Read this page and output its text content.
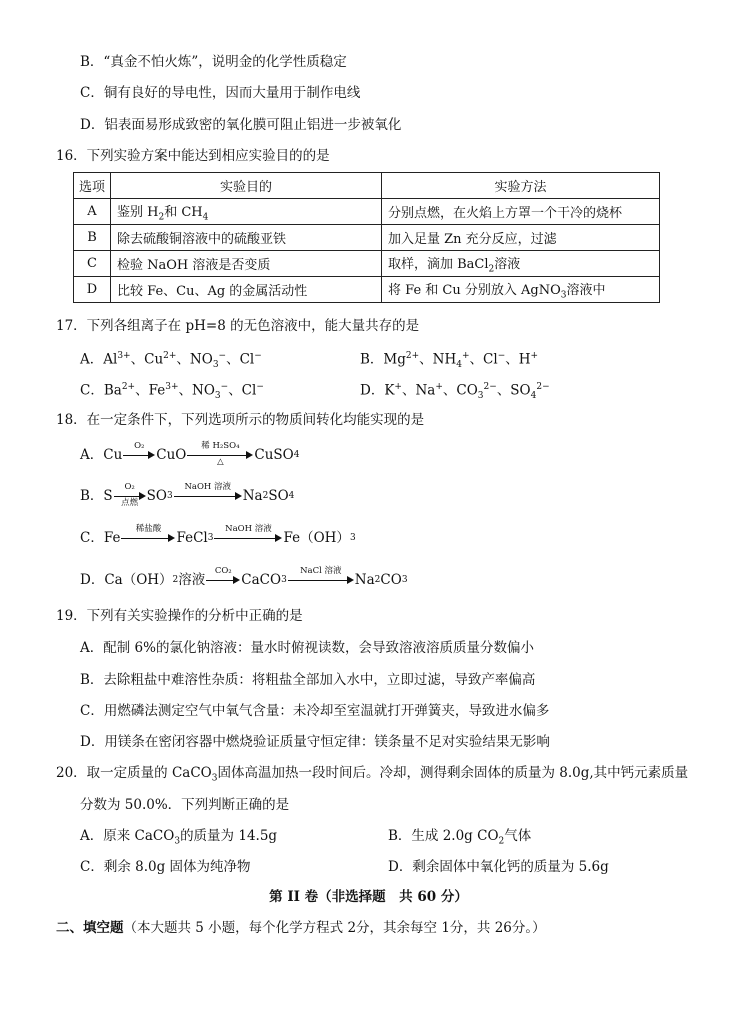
B．“真金不怕火炼”，说明金的化学性质稳定
C．铜有良好的导电性，因而大量用于制作电线
D．铝表面易形成致密的氧化膜可阻止铝进一步被氧化
16．下列实验方案中能达到相应实验目的的是
选项	实验目的	实验方法
A	鉴别 $H_2$和 $CH_4$	分别点燃，在火焰上方罩一个干冷的烧杯
B	除去硫酸铜溶液中的硫酸亚铁	加入足量 Zn 充分反应，过滤
C	检验 NaOH 溶液是否变质	取样，滴加 BaCl$_2$溶液
D	比较 Fe、Cu、Ag 的金属活动性	将 Fe 和 Cu 分别放入 AgNO$_3$溶液中
17．下列各组离子在 pH=8 的无色溶液中，能大量共存的是
A．$Al^{3+}$、$Cu^{2+}$、$NO_3^-$、Cl−	B．$Mg^{2+}$、$NH_4^+$、Cl−、H+
C．$Ba^{2+}$、$Fe^{3+}$、$NO_3^-$、Cl−	D．K+、Na+、$CO_3^{2-}$、$SO_4^{2-}$
18．在一定条件下，下列选项所示的物质间转化均能实现的是
A． Cu
O₂
CuO
稀 H₂SO₄
△	CuSO 4
B． S
O₂
点燃 SO 3
NaOH 溶液
Na 2 SO 4
C． Fe
稀盐酸
FeCl 3
NaOH 溶液
Fe（OH） 3
D． Ca（OH） 2 溶液
CO₂
CaCO 3
NaCl 溶液
Na 2 CO 3
19．下列有关实验操作的分析中正确的是
A．配制 6%的氯化钠溶液：量水时俯视读数，会导致溶液溶质质量分数偏小
B．去除粗盐中难溶性杂质：将粗盐全部加入水中，立即过滤，导致产率偏高
C．用燃磷法测定空气中氧气含量：未冷却至室温就打开弹簧夹，导致进水偏多
D．用镁条在密闭容器中燃烧验证质量守恒定律：镁条量不足对实验结果无影响
20．取一定质量的 CaCO$_3$固体高温加热一段时间后。冷却，测得剩余固体的质量为 8.0g,其中钙元素质量
分数为 50.0%．下列判断正确的是
A．原来 CaCO$_3$的质量为 14.5g	B．生成 2.0g $CO_2$气体
C．剩余 8.0g 固体为纯净物	D．剩余固体中氧化钙的质量为 5.6g
第 II 卷（非选择题　共 60 分）
二、填空题（本大题共 5 小题，每个化学方程式 2分，其余每空 1分，共 26分。）
